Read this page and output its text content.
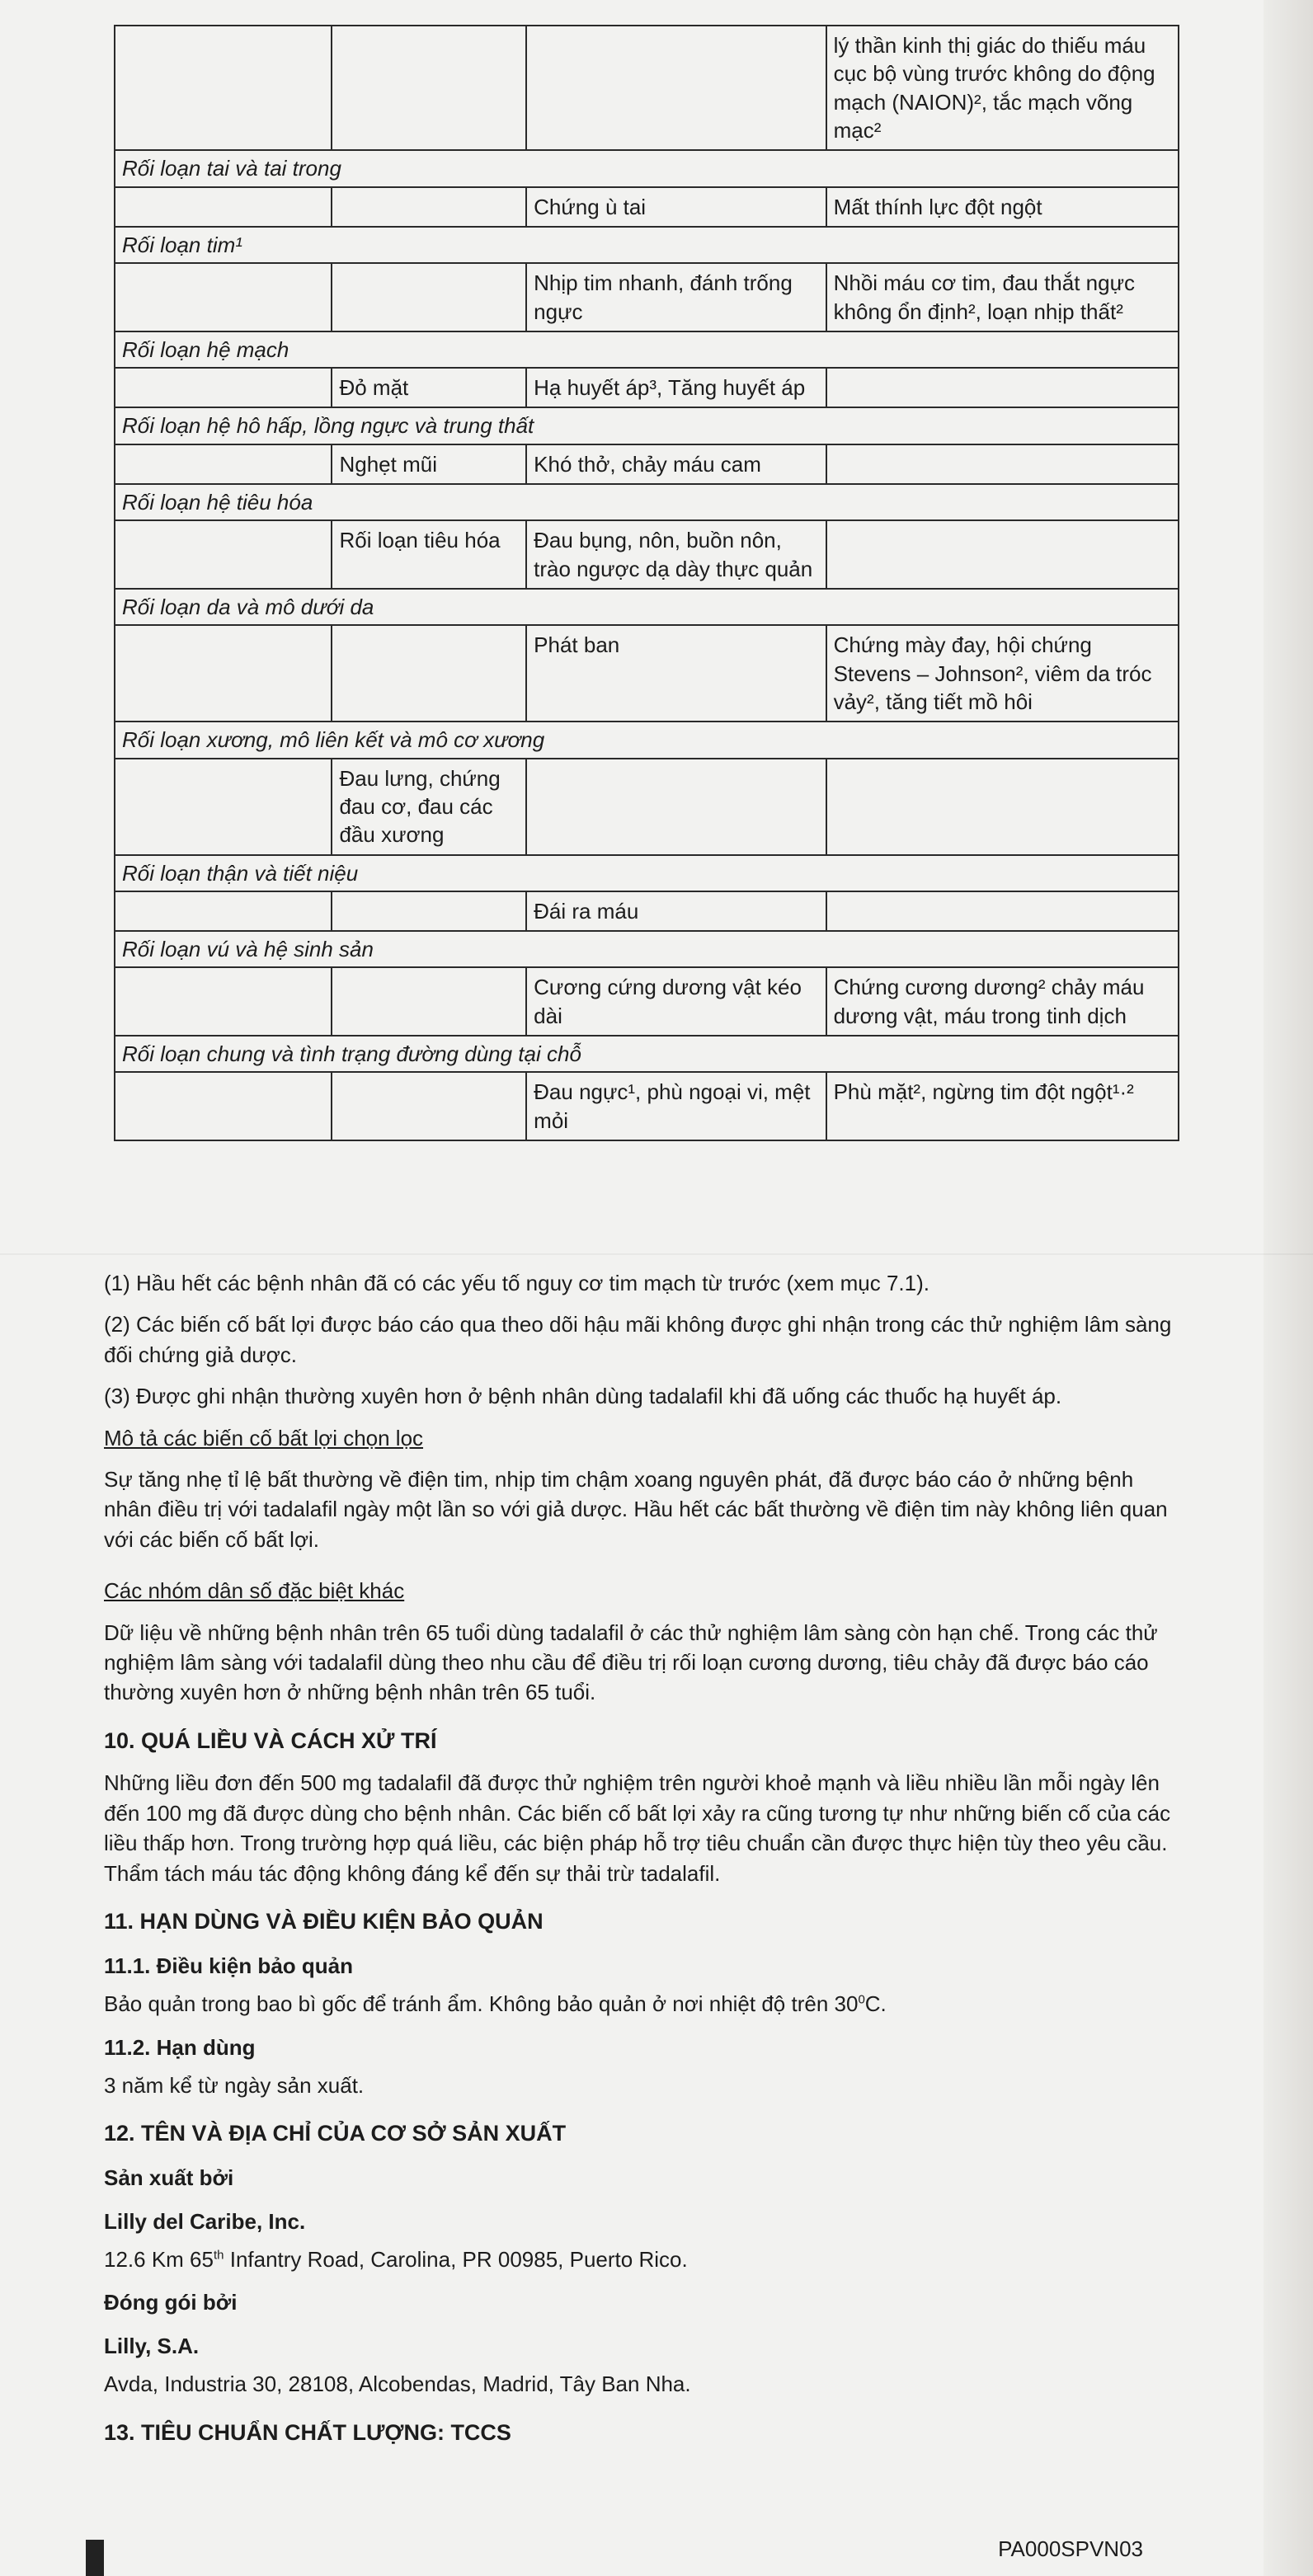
			lý thần kinh thị giác do thiếu máu cục bộ vùng trước không do động mạch (NAION)², tắc mạch võng mạc²
Rối loạn tai và tai trong			
		Chứng ù tai	Mất thính lực đột ngột
Rối loạn tim¹			
		Nhịp tim nhanh, đánh trống ngực	Nhồi máu cơ tim, đau thắt ngực không ổn định², loạn nhịp thất²
Rối loạn hệ mạch			
	Đỏ mặt	Hạ huyết áp³, Tăng huyết áp	
Rối loạn hệ hô hấp, lồng ngực và trung thất			
	Nghẹt mũi	Khó thở, chảy máu cam	
Rối loạn hệ tiêu hóa			
	Rối loạn tiêu hóa	Đau bụng, nôn, buồn nôn, trào ngược dạ dày thực quản	
Rối loạn da và mô dưới da			
		Phát ban	Chứng mày đay, hội chứng Stevens – Johnson², viêm da tróc vảy², tăng tiết mồ hôi
Rối loạn xương, mô liên kết và mô cơ xương			
	Đau lưng, chứng đau cơ, đau các đầu xương		
Rối loạn thận và tiết niệu			
		Đái ra máu	
Rối loạn vú và hệ sinh sản			
		Cương cứng dương vật kéo dài	Chứng cương dương² chảy máu dương vật, máu trong tinh dịch
Rối loạn chung và tình trạng đường dùng tại chỗ			
		Đau ngực¹, phù ngoại vi, mệt mỏi	Phù mặt², ngừng tim đột ngột¹·²

(1) Hầu hết các bệnh nhân đã có các yếu tố nguy cơ tim mạch từ trước (xem mục 7.1).

(2) Các biến cố bất lợi được báo cáo qua theo dõi hậu mãi không được ghi nhận trong các thử nghiệm lâm sàng đối chứng giả dược.

(3) Được ghi nhận thường xuyên hơn ở bệnh nhân dùng tadalafil khi đã uống các thuốc hạ huyết áp.

Mô tả các biến cố bất lợi chọn lọc

Sự tăng nhẹ tỉ lệ bất thường về điện tim, nhịp tim chậm xoang nguyên phát, đã được báo cáo ở những bệnh nhân điều trị với tadalafil ngày một lần so với giả dược. Hầu hết các bất thường về điện tim này không liên quan với các biến cố bất lợi.

Các nhóm dân số đặc biệt khác

Dữ liệu về những bệnh nhân trên 65 tuổi dùng tadalafil ở các thử nghiệm lâm sàng còn hạn chế. Trong các thử nghiệm lâm sàng với tadalafil dùng theo nhu cầu để điều trị rối loạn cương dương, tiêu chảy đã được báo cáo thường xuyên hơn ở những bệnh nhân trên 65 tuổi.

10. QUÁ LIỀU VÀ CÁCH XỬ TRÍ

Những liều đơn đến 500 mg tadalafil đã được thử nghiệm trên người khoẻ mạnh và liều nhiều lần mỗi ngày lên đến 100 mg đã được dùng cho bệnh nhân. Các biến cố bất lợi xảy ra cũng tương tự như những biến cố của các liều thấp hơn. Trong trường hợp quá liều, các biện pháp hỗ trợ tiêu chuẩn cần được thực hiện tùy theo yêu cầu. Thẩm tách máu tác động không đáng kể đến sự thải trừ tadalafil.

11. HẠN DÙNG VÀ ĐIỀU KIỆN BẢO QUẢN
11.1. Điều kiện bảo quản

Bảo quản trong bao bì gốc để tránh ẩm. Không bảo quản ở nơi nhiệt độ trên $30^0C$.

11.2. Hạn dùng

3 năm kể từ ngày sản xuất.

12. TÊN VÀ ĐỊA CHỈ CỦA CƠ SỞ SẢN XUẤT
Sản xuất bởi
Lilly del Caribe, Inc.

12.6 Km 65th Infantry Road, Carolina, PR 00985, Puerto Rico.

Đóng gói bởi
Lilly, S.A.

Avda, Industria 30, 28108, Alcobendas, Madrid, Tây Ban Nha.

13. TIÊU CHUẨN CHẤT LƯỢNG: TCCS
PA000SPVN03
